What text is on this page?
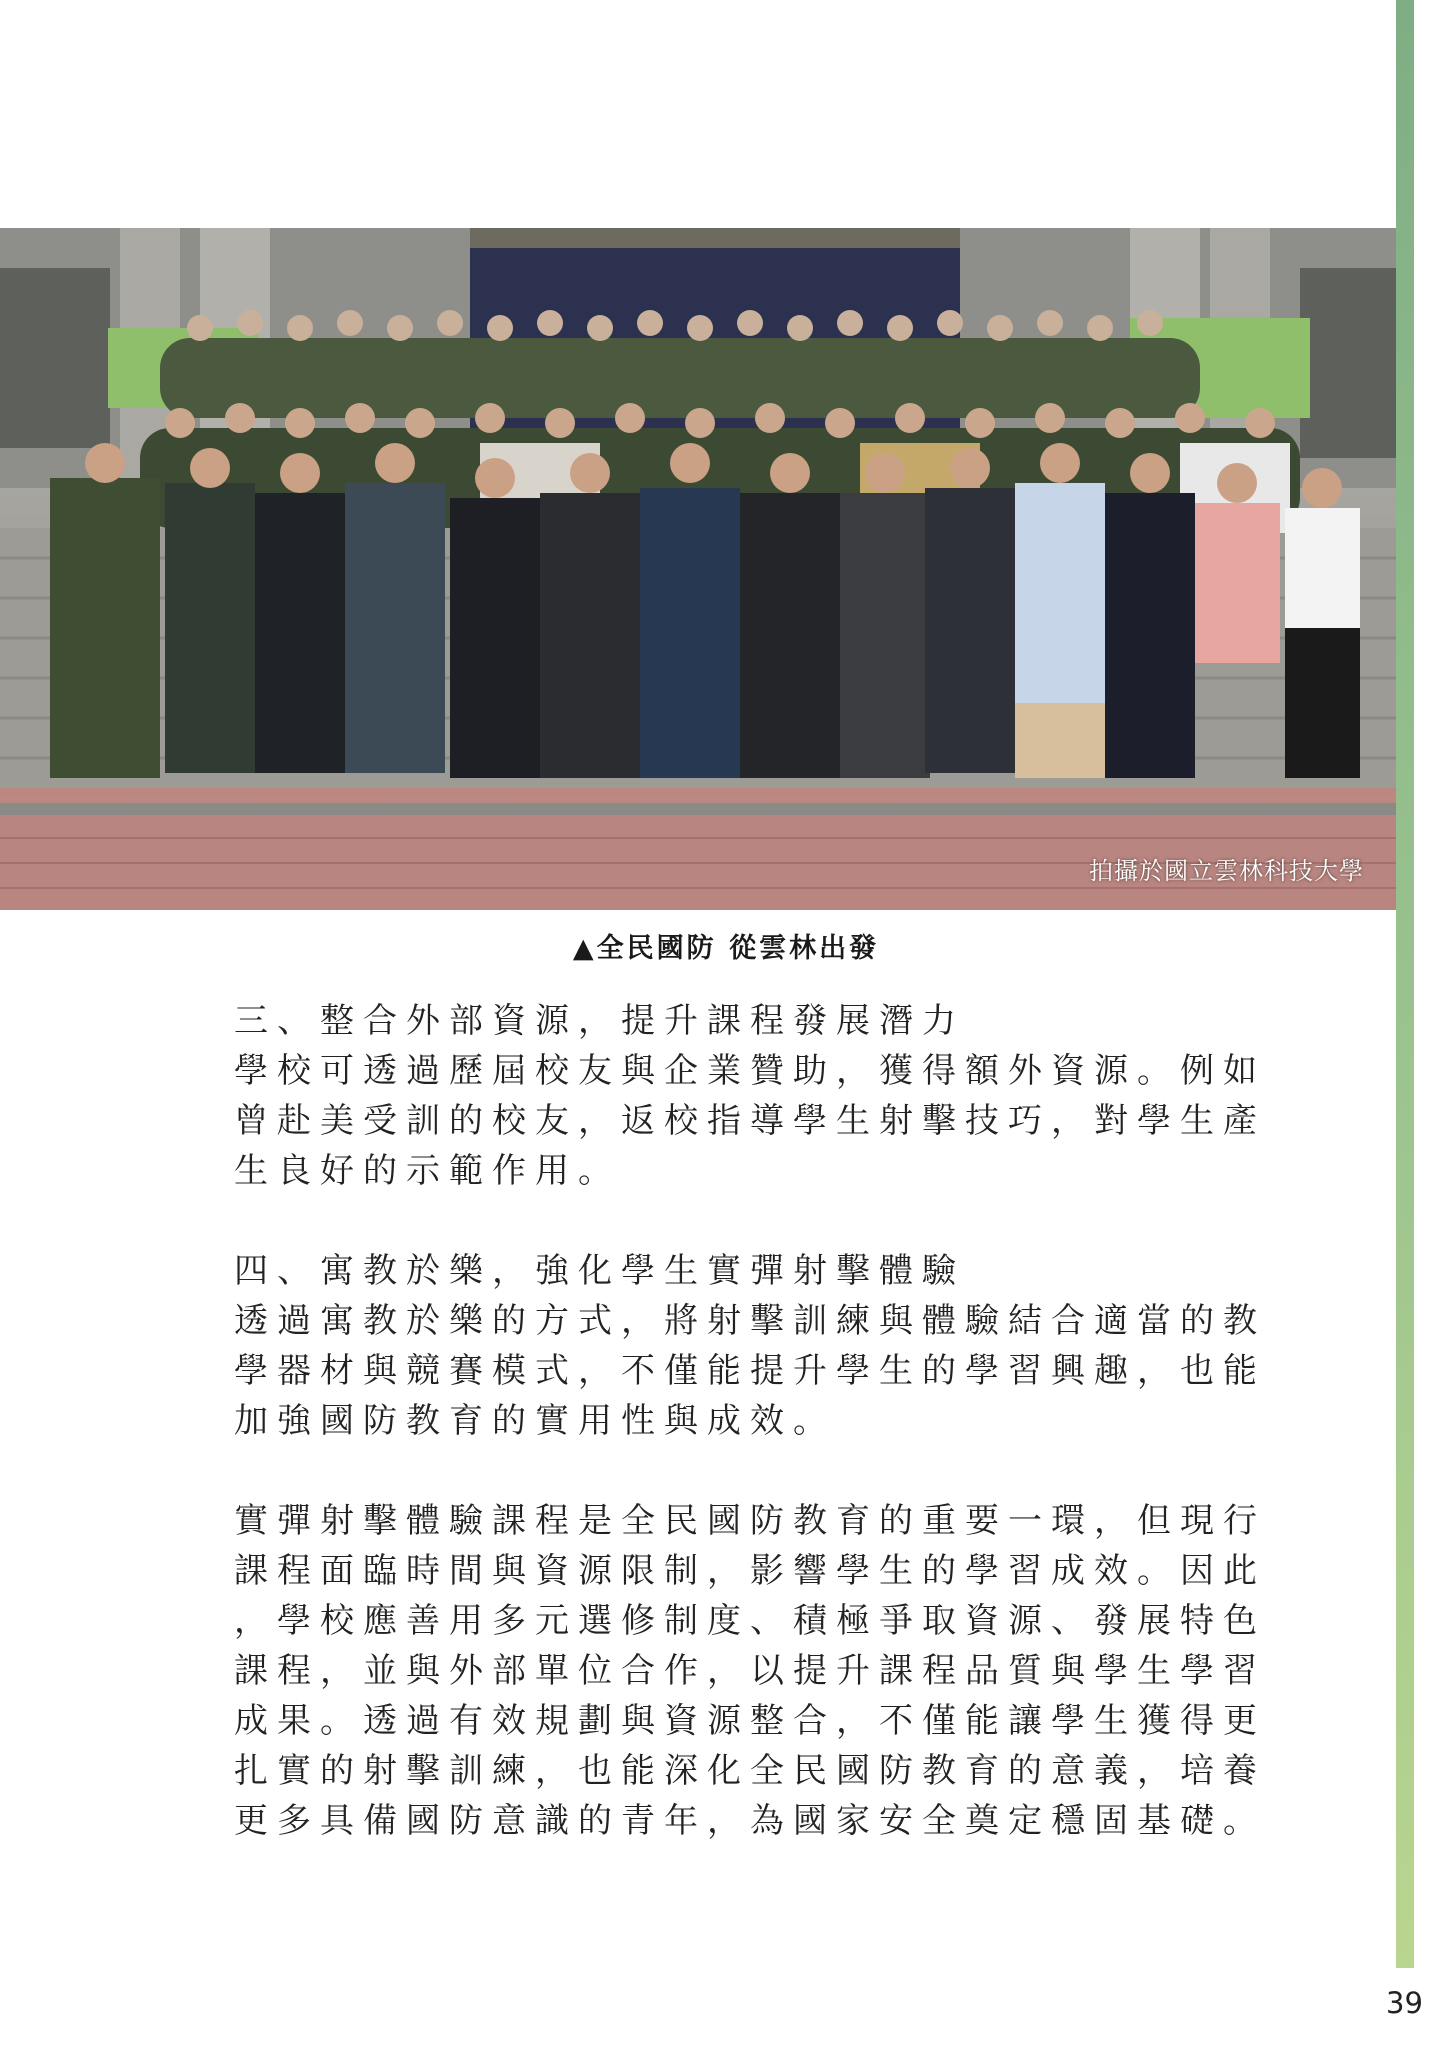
拍攝於國立雲林科技大學
▲全民國防 從雲林出發

三、整合外部資源，提升課程發展潛力

學校可透過歷屆校友與企業贊助，獲得額外資源。例如

曾赴美受訓的校友，返校指導學生射擊技巧，對學生產

生良好的示範作用。

四、寓教於樂，強化學生實彈射擊體驗

透過寓教於樂的方式，將射擊訓練與體驗結合適當的教

學器材與競賽模式，不僅能提升學生的學習興趣，也能

加強國防教育的實用性與成效。

實彈射擊體驗課程是全民國防教育的重要一環，但現行

課程面臨時間與資源限制，影響學生的學習成效。因此

，學校應善用多元選修制度、積極爭取資源、發展特色

課程，並與外部單位合作，以提升課程品質與學生學習

成果。透過有效規劃與資源整合，不僅能讓學生獲得更

扎實的射擊訓練，也能深化全民國防教育的意義，培養

更多具備國防意識的青年，為國家安全奠定穩固基礎。

39
